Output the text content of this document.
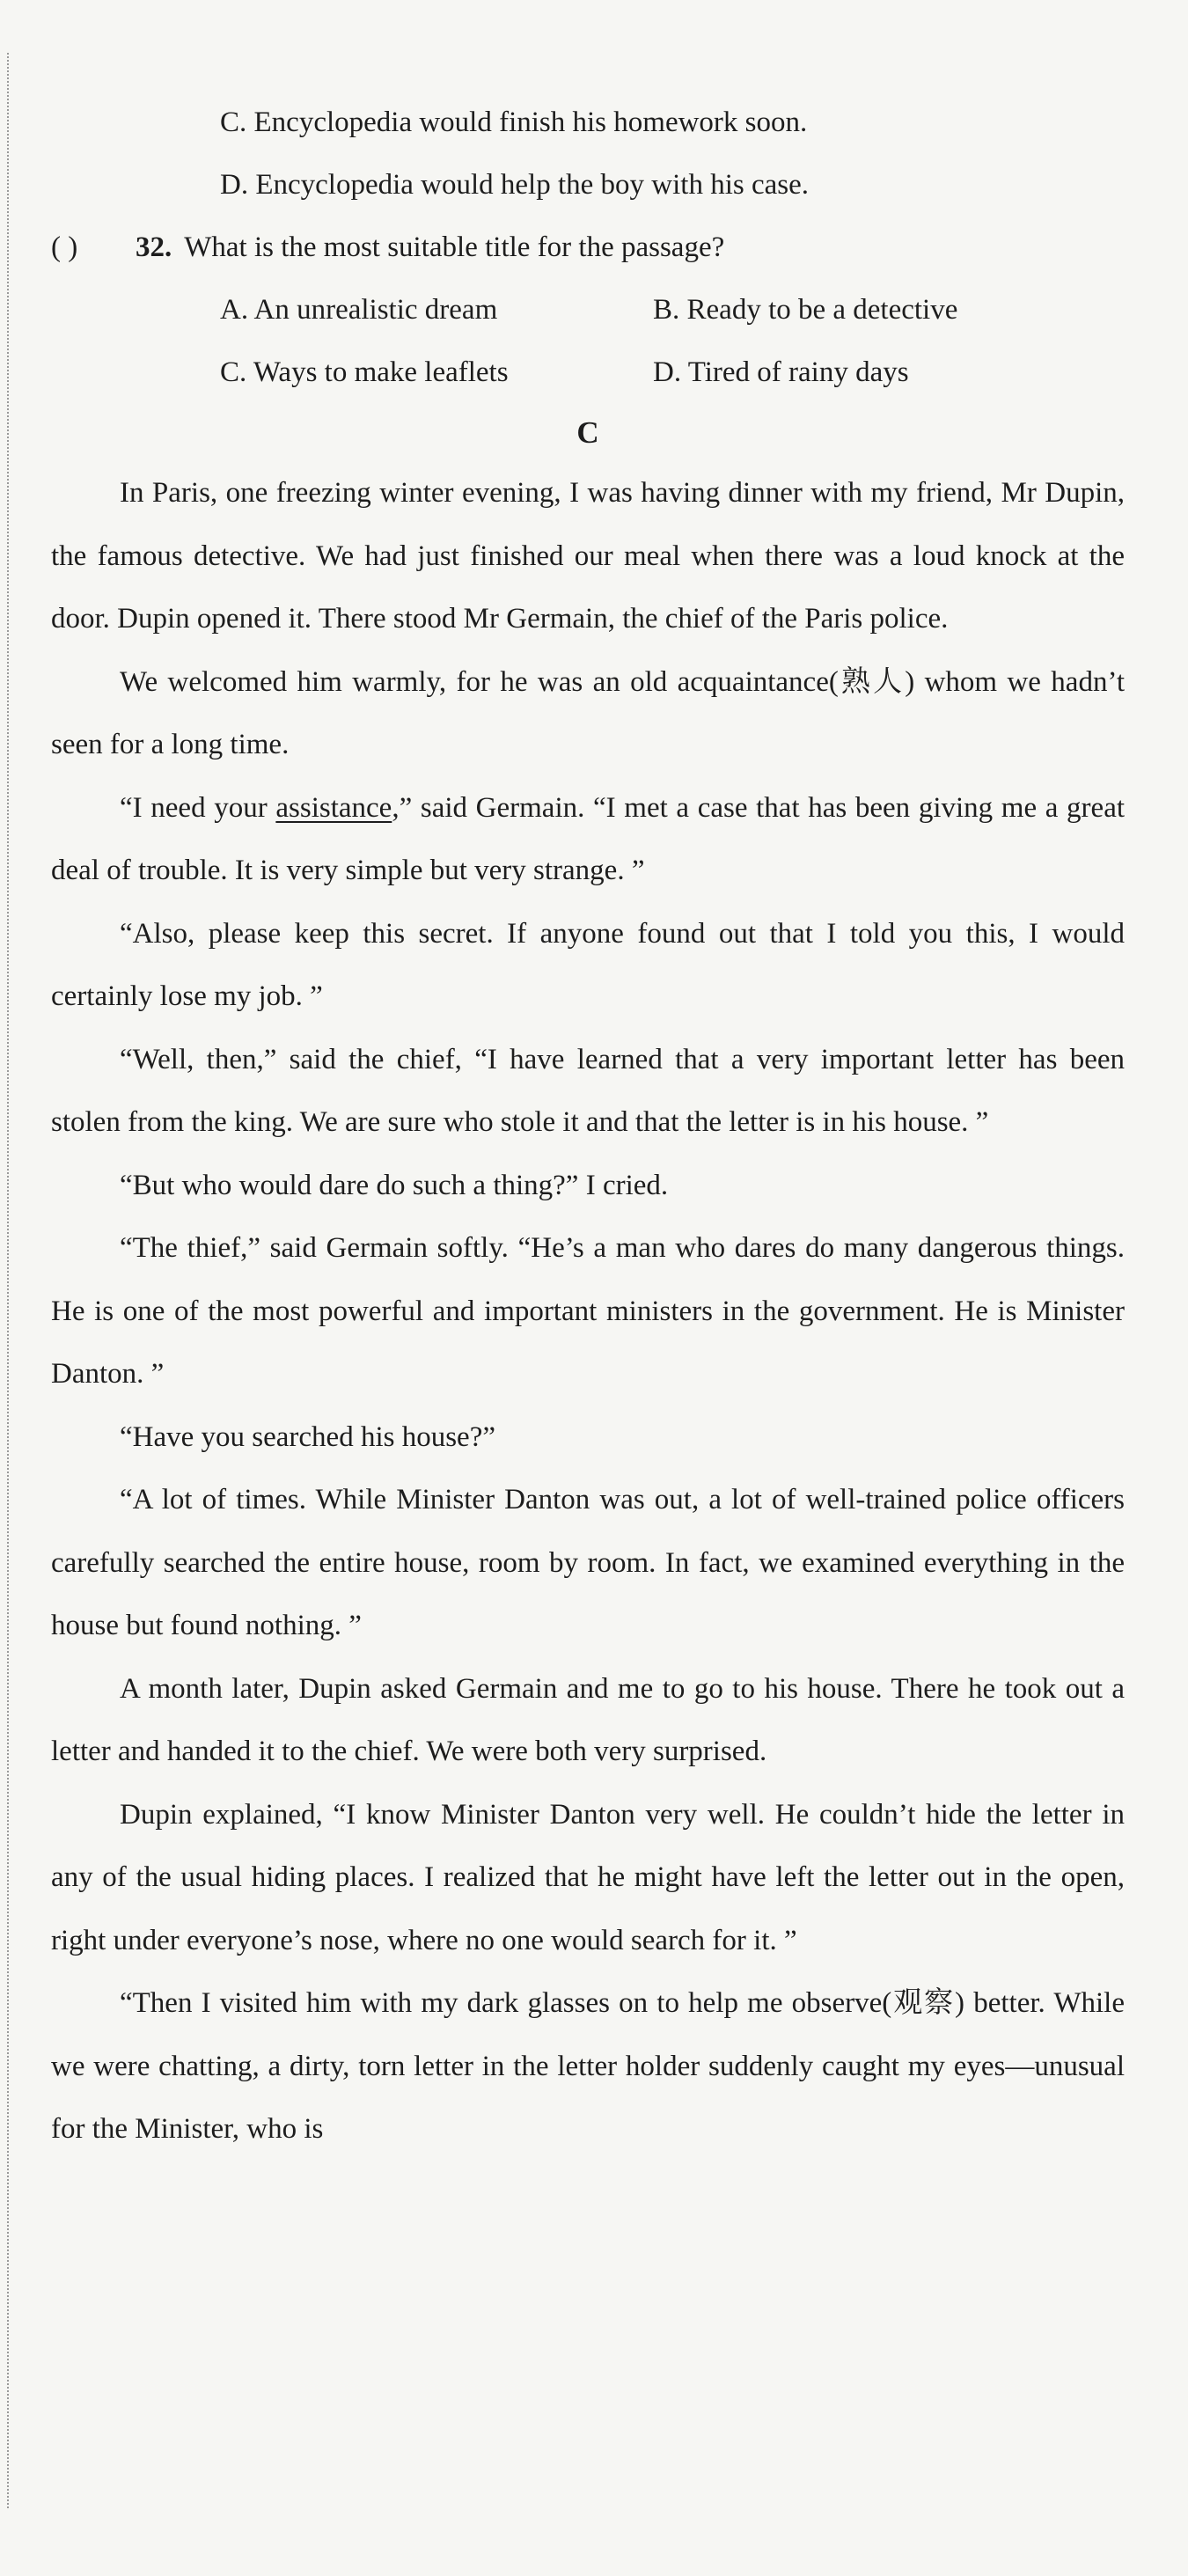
C. Encyclopedia would finish his homework soon.
D. Encyclopedia would help the boy with his case.
( )	32. What is the most suitable title for the passage?
A. An unrealistic dream	B. Ready to be a detective
C. Ways to make leaflets	D. Tired of rainy days
C

In Paris, one freezing winter evening, I was having dinner with my friend, Mr Dupin, the famous detective. We had just finished our meal when there was a loud knock at the door. Dupin opened it. There stood Mr Germain, the chief of the Paris police.

We welcomed him warmly, for he was an old acquaintance(熟人) whom we hadn’t seen for a long time.

“I need your assistance,” said Germain. “I met a case that has been giving me a great deal of trouble. It is very simple but very strange. ”

“Also, please keep this secret. If anyone found out that I told you this, I would certainly lose my job. ”

“Well, then,” said the chief, “I have learned that a very important letter has been stolen from the king. We are sure who stole it and that the letter is in his house. ”

“But who would dare do such a thing?” I cried.

“The thief,” said Germain softly. “He’s a man who dares do many dangerous things. He is one of the most powerful and important ministers in the government. He is Minister Danton. ”

“Have you searched his house?”

“A lot of times. While Minister Danton was out, a lot of well-trained police officers carefully searched the entire house, room by room. In fact, we examined everything in the house but found nothing. ”

A month later, Dupin asked Germain and me to go to his house. There he took out a letter and handed it to the chief. We were both very surprised.

Dupin explained, “I know Minister Danton very well. He couldn’t hide the letter in any of the usual hiding places. I realized that he might have left the letter out in the open, right under everyone’s nose, where no one would search for it. ”

“Then I visited him with my dark glasses on to help me observe(观察) better. While we were chatting, a dirty, torn letter in the letter holder suddenly caught my eyes—unusual for the Minister, who is
